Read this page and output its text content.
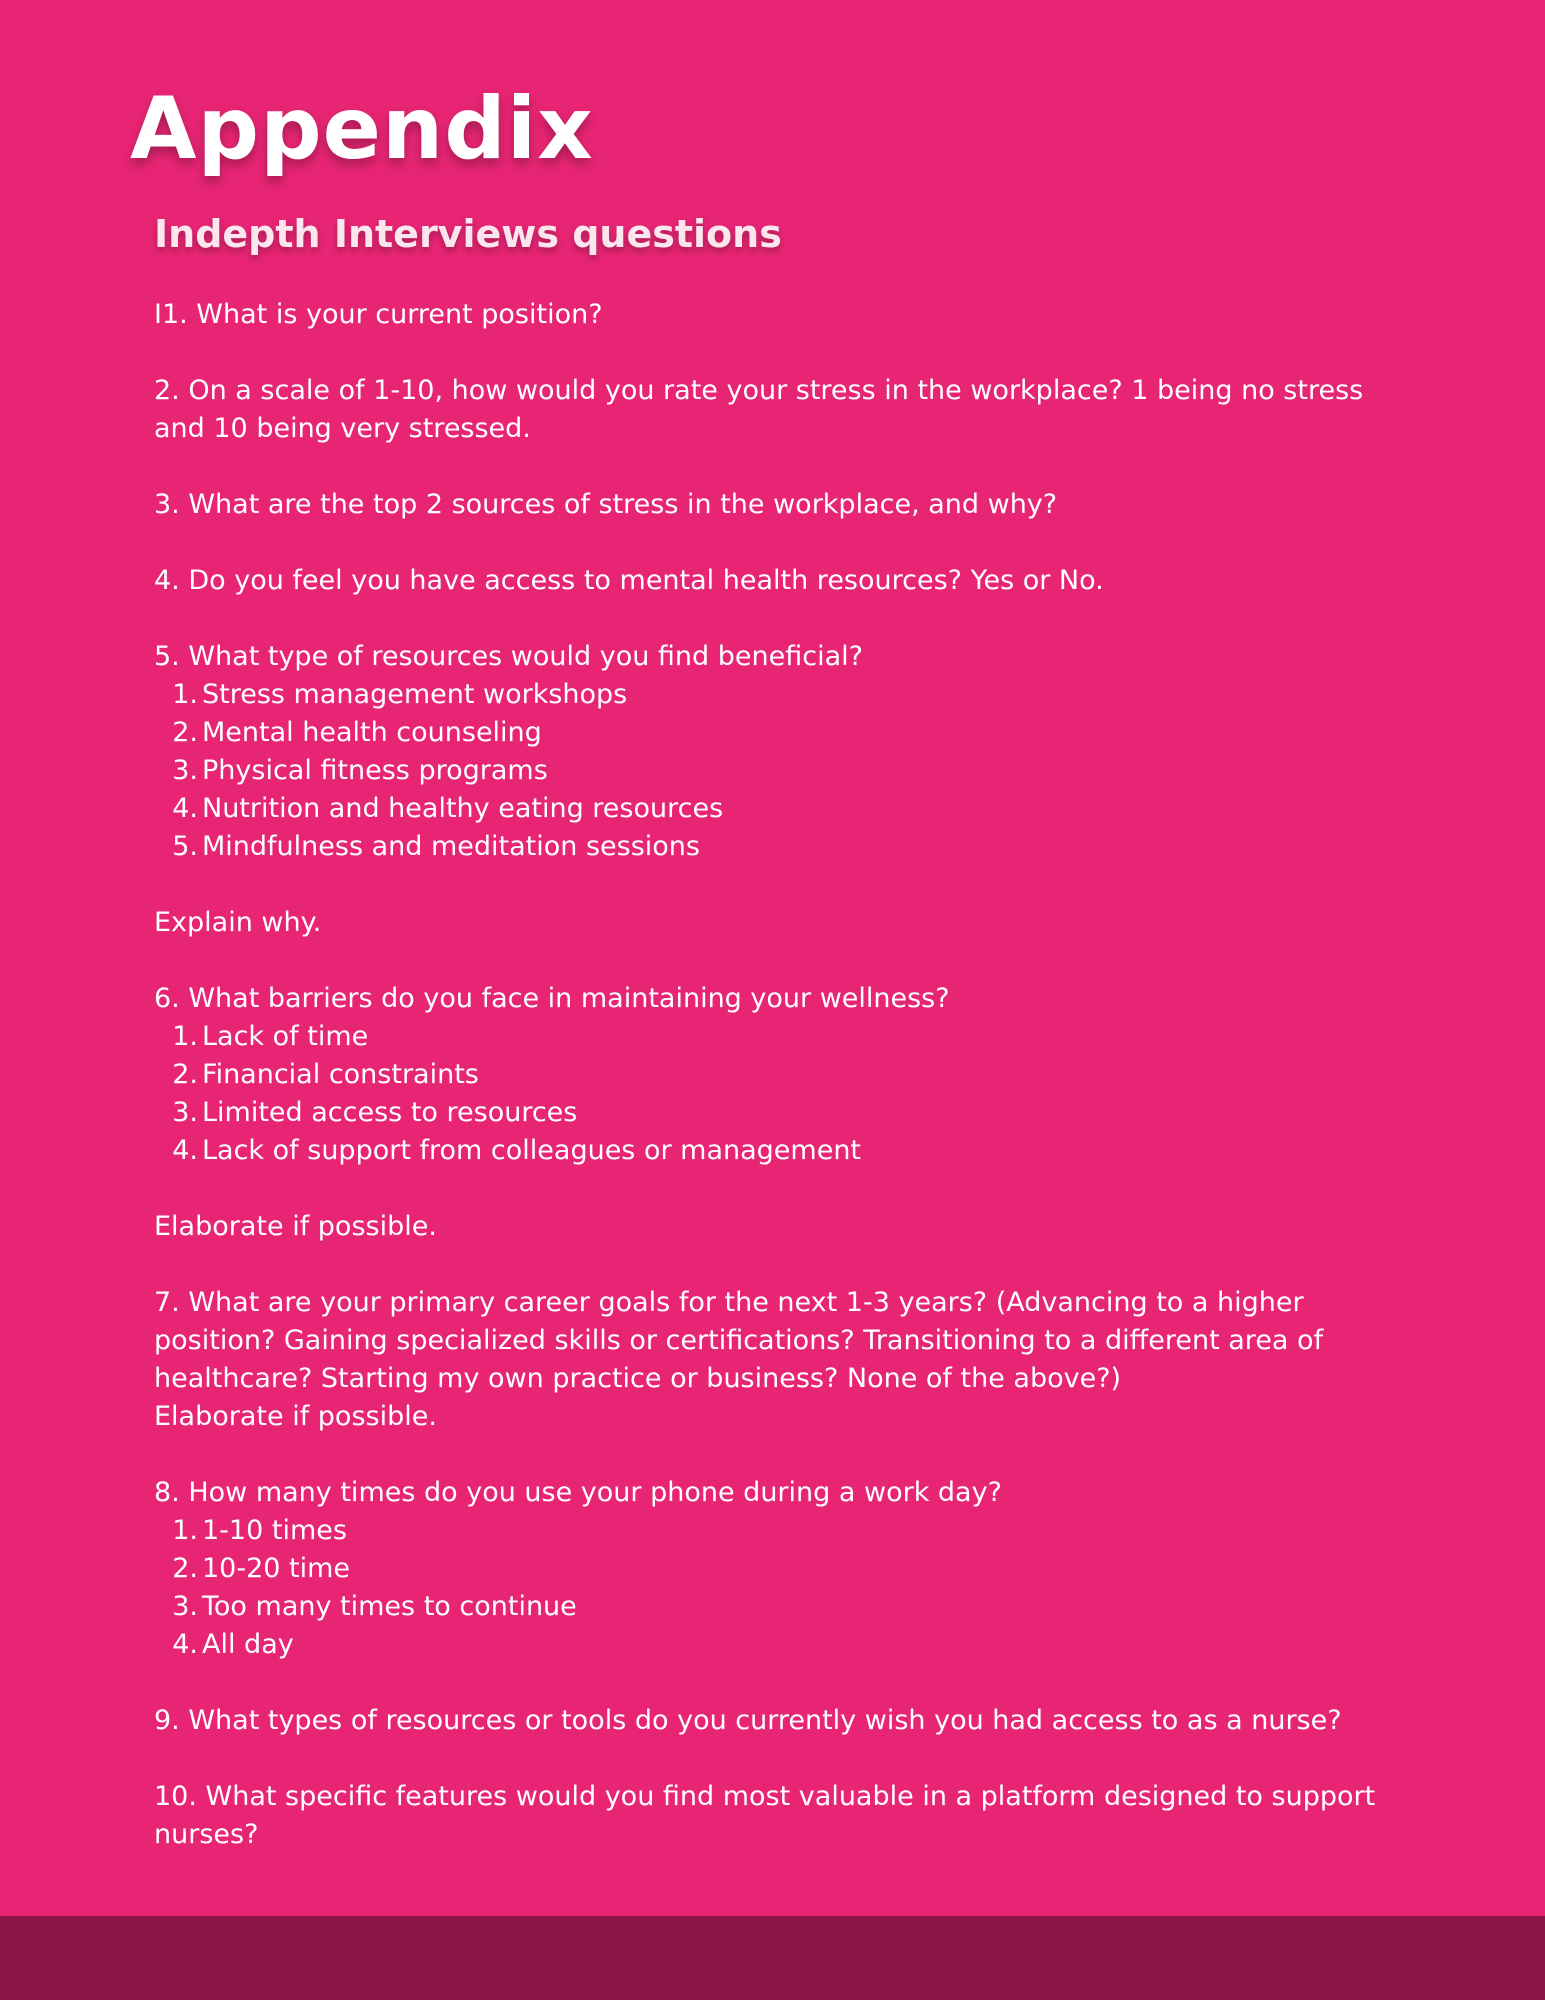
Appendix
Indepth Interviews questions

I1. What is your current position?

2. On a scale of 1-10, how would you rate your stress in the workplace? 1 being no stress and 10 being very stressed.

3. What are the top 2 sources of stress in the workplace, and why?

4. Do you feel you have access to mental health resources? Yes or No.

5. What type of resources would you find beneficial?

1. Stress management workshops
2. Mental health counseling
3. Physical fitness programs
4. Nutrition and healthy eating resources
5. Mindfulness and meditation sessions

Explain why.

6. What barriers do you face in maintaining your wellness?

1. Lack of time
2. Financial constraints
3. Limited access to resources
4. Lack of support from colleagues or management

Elaborate if possible.

7. What are your primary career goals for the next 1-3 years? (Advancing to a higher position? Gaining specialized skills or certifications? Transitioning to a different area of healthcare? Starting my own practice or business? None of the above?)

Elaborate if possible.

8. How many times do you use your phone during a work day?

1. 1-10 times
2. 10-20 time
3. Too many times to continue
4. All day

9. What types of resources or tools do you currently wish you had access to as a nurse?

10. What specific features would you find most valuable in a platform designed to support nurses?
